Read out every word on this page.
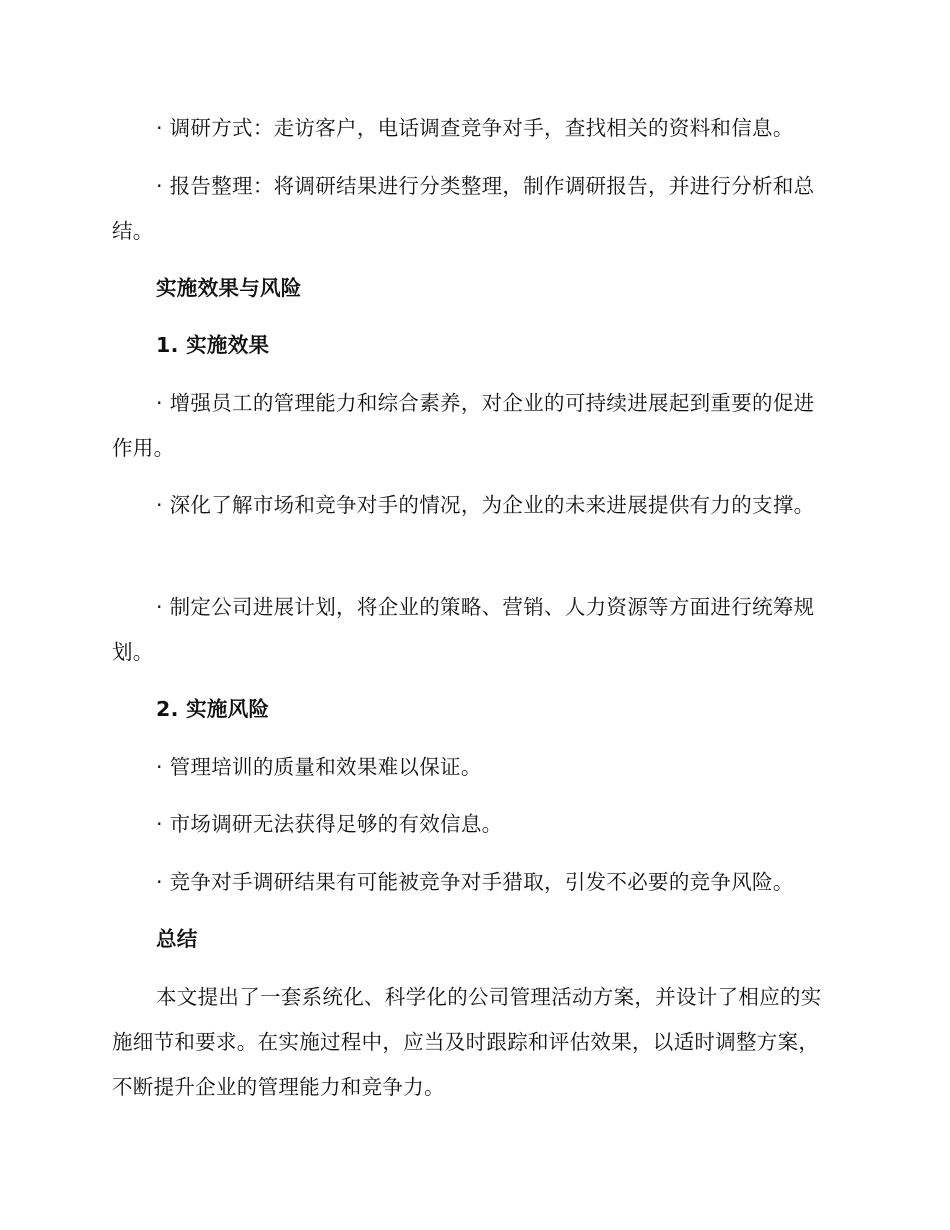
· 调研方式：走访客户，电话调查竞争对手，查找相关的资料和信息。

· 报告整理：将调研结果进行分类整理，制作调研报告，并进行分析和总结。

实施效果与风险

1. 实施效果

· 增强员工的管理能力和综合素养，对企业的可持续进展起到重要的促进作用。

· 深化了解市场和竞争对手的情况，为企业的未来进展提供有力的支撑。

· 制定公司进展计划，将企业的策略、营销、人力资源等方面进行统筹规划。

2. 实施风险

· 管理培训的质量和效果难以保证。

· 市场调研无法获得足够的有效信息。

· 竞争对手调研结果有可能被竞争对手猎取，引发不必要的竞争风险。

总结

本文提出了一套系统化、科学化的公司管理活动方案，并设计了相应的实施细节和要求。在实施过程中，应当及时跟踪和评估效果，以适时调整方案，不断提升企业的管理能力和竞争力。
